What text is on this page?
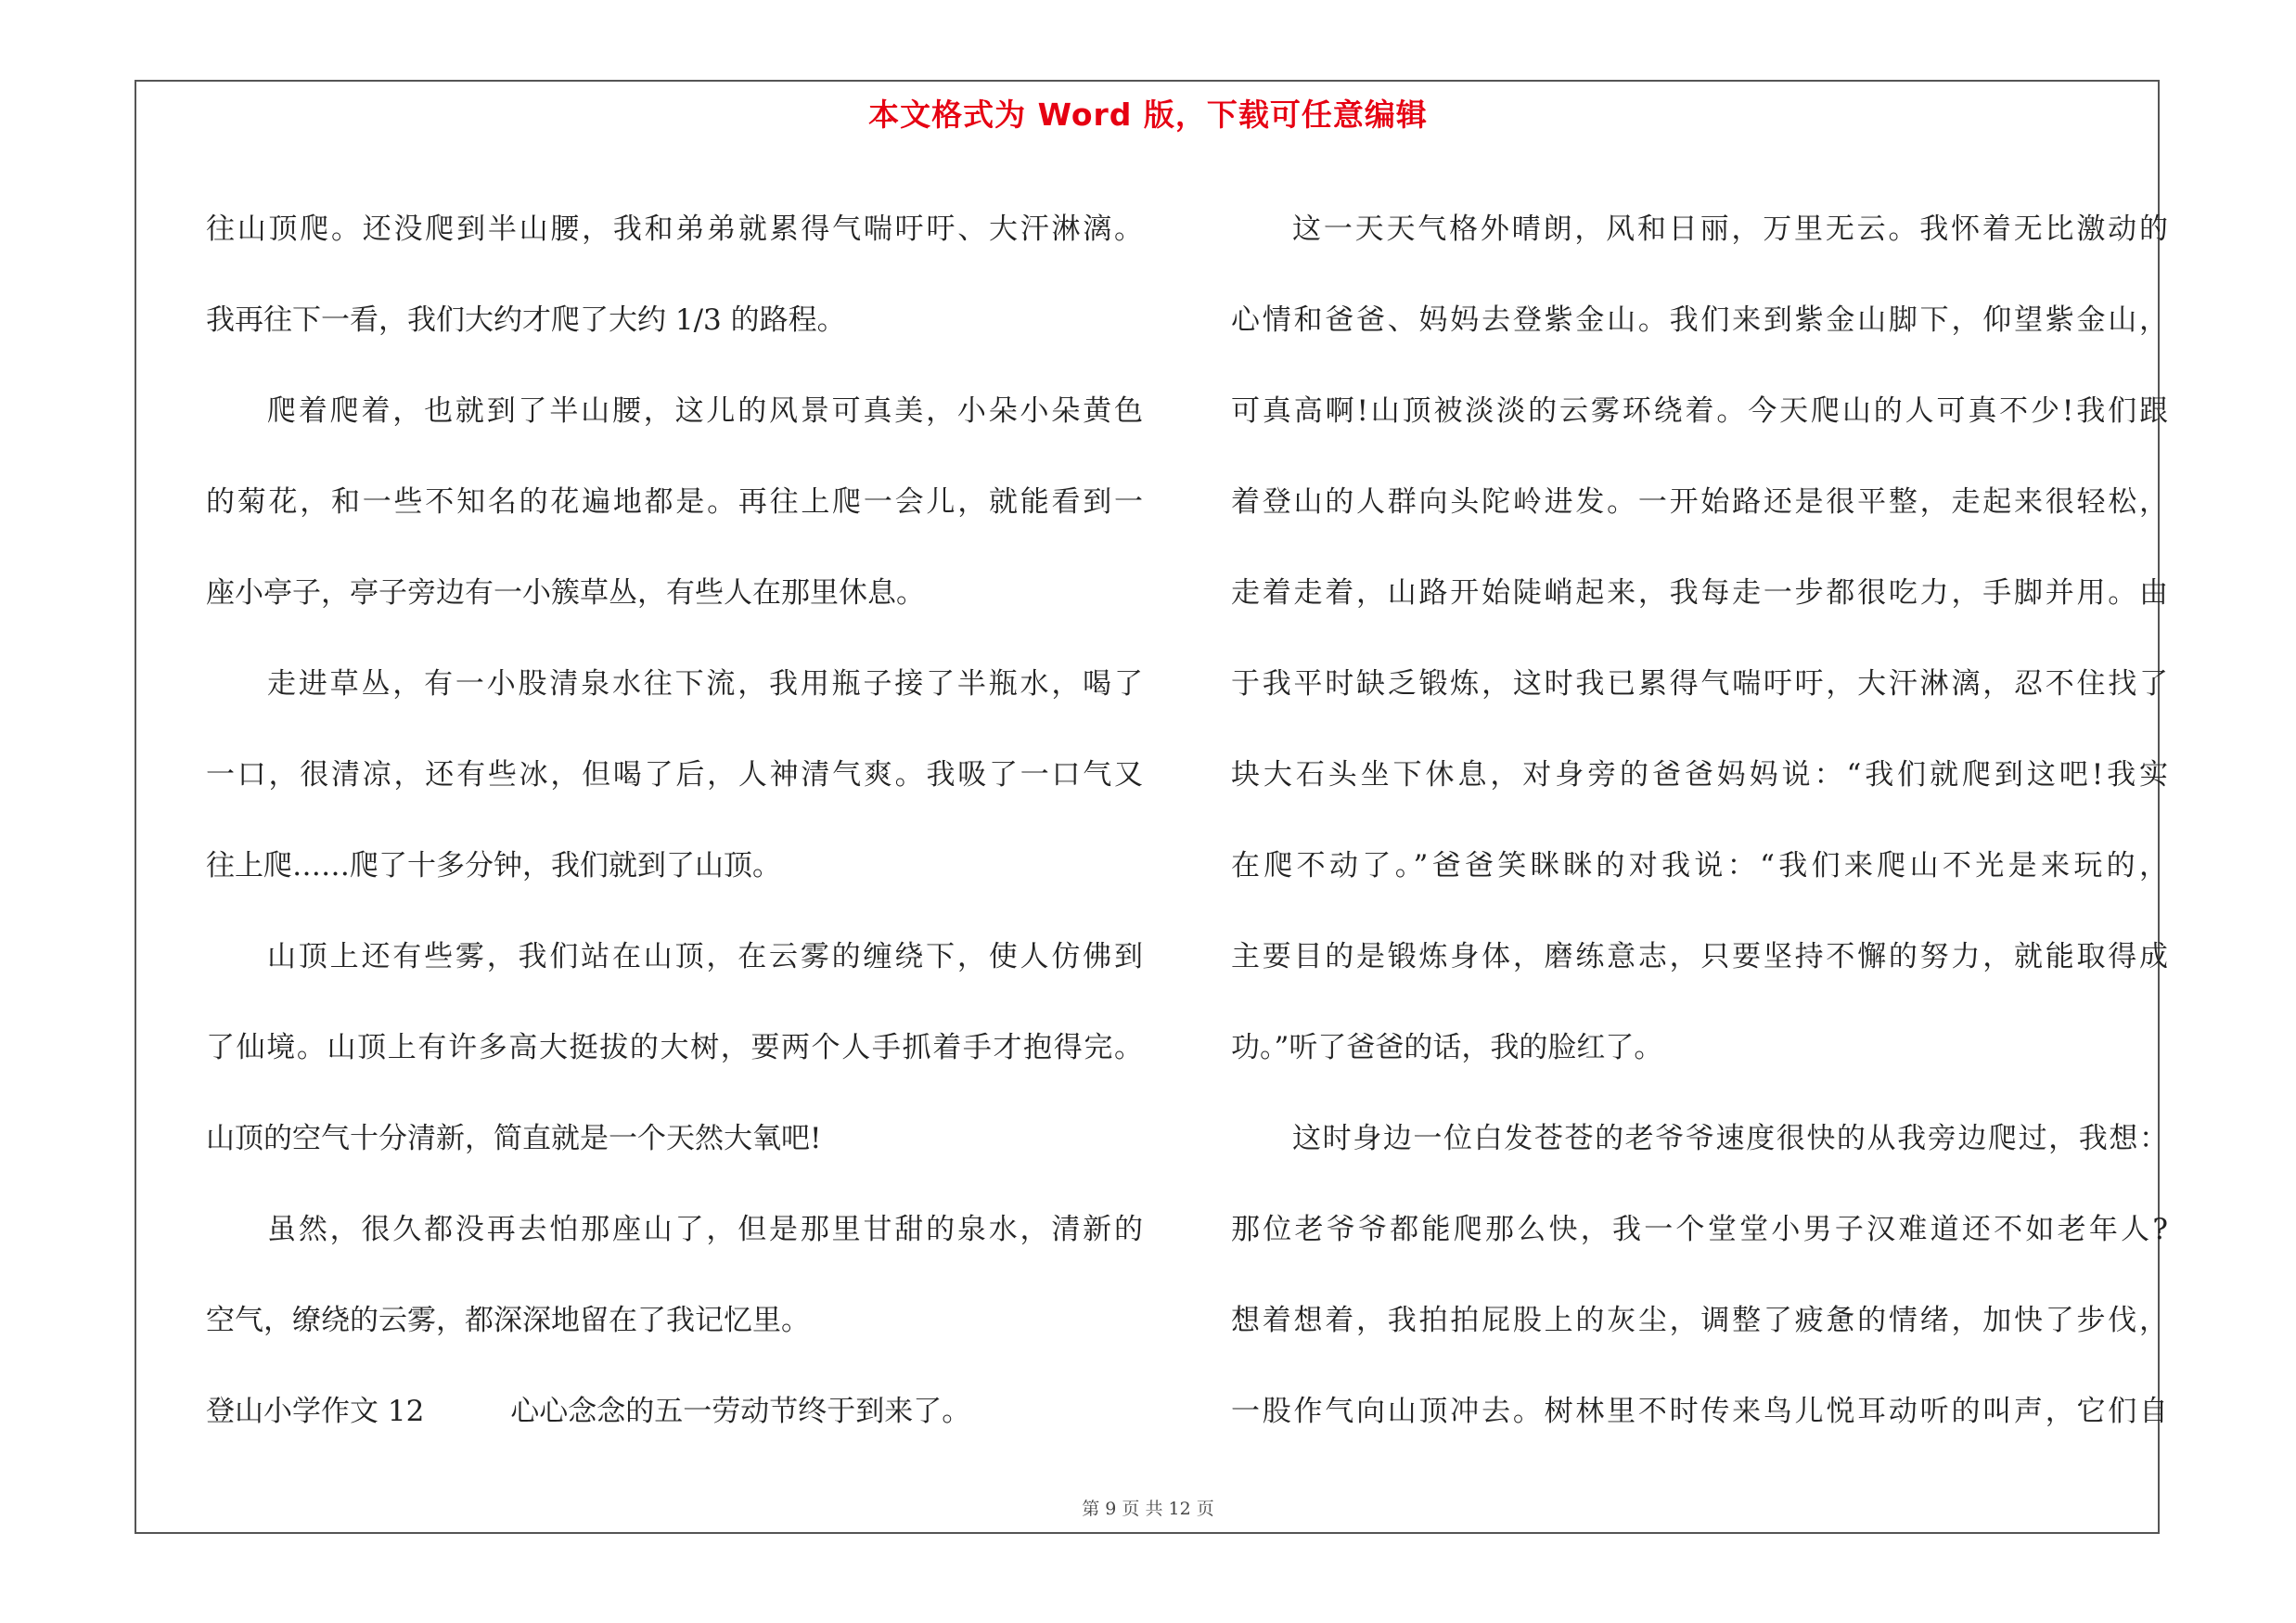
本文格式为 Word 版，下载可任意编辑
往山顶爬。还没爬到半山腰，我和弟弟就累得气喘吁吁、大汗淋漓。
我再往下一看，我们大约才爬了大约 1/3 的路程。
爬着爬着，也就到了半山腰，这儿的风景可真美，小朵小朵黄色
的菊花，和一些不知名的花遍地都是。再往上爬一会儿，就能看到一
座小亭子，亭子旁边有一小簇草丛，有些人在那里休息。
走进草丛，有一小股清泉水往下流，我用瓶子接了半瓶水，喝了
一口，很清凉，还有些冰，但喝了后，人神清气爽。我吸了一口气又
往上爬……爬了十多分钟，我们就到了山顶。
山顶上还有些雾，我们站在山顶，在云雾的缠绕下，使人仿佛到
了仙境。山顶上有许多高大挺拔的大树，要两个人手抓着手才抱得完。
山顶的空气十分清新，简直就是一个天然大氧吧!
虽然，很久都没再去怕那座山了，但是那里甘甜的泉水，清新的
空气，缭绕的云雾，都深深地留在了我记忆里。
登山小学作文 12　　　心心念念的五一劳动节终于到来了。
这一天天气格外晴朗，风和日丽，万里无云。我怀着无比激动的
心情和爸爸、妈妈去登紫金山。我们来到紫金山脚下，仰望紫金山，
可真高啊!山顶被淡淡的云雾环绕着。今天爬山的人可真不少!我们跟
着登山的人群向头陀岭进发。一开始路还是很平整，走起来很轻松，
走着走着，山路开始陡峭起来，我每走一步都很吃力，手脚并用。由
于我平时缺乏锻炼，这时我已累得气喘吁吁，大汗淋漓，忍不住找了
块大石头坐下休息，对身旁的爸爸妈妈说：“我们就爬到这吧!我实
在爬不动了。”爸爸笑眯眯的对我说：“我们来爬山不光是来玩的，
主要目的是锻炼身体，磨练意志，只要坚持不懈的努力，就能取得成
功。”听了爸爸的话，我的脸红了。
这时身边一位白发苍苍的老爷爷速度很快的从我旁边爬过，我想：
那位老爷爷都能爬那么快，我一个堂堂小男子汉难道还不如老年人?
想着想着，我拍拍屁股上的灰尘，调整了疲惫的情绪，加快了步伐，
一股作气向山顶冲去。树林里不时传来鸟儿悦耳动听的叫声，它们自
第 9 页 共 12 页
